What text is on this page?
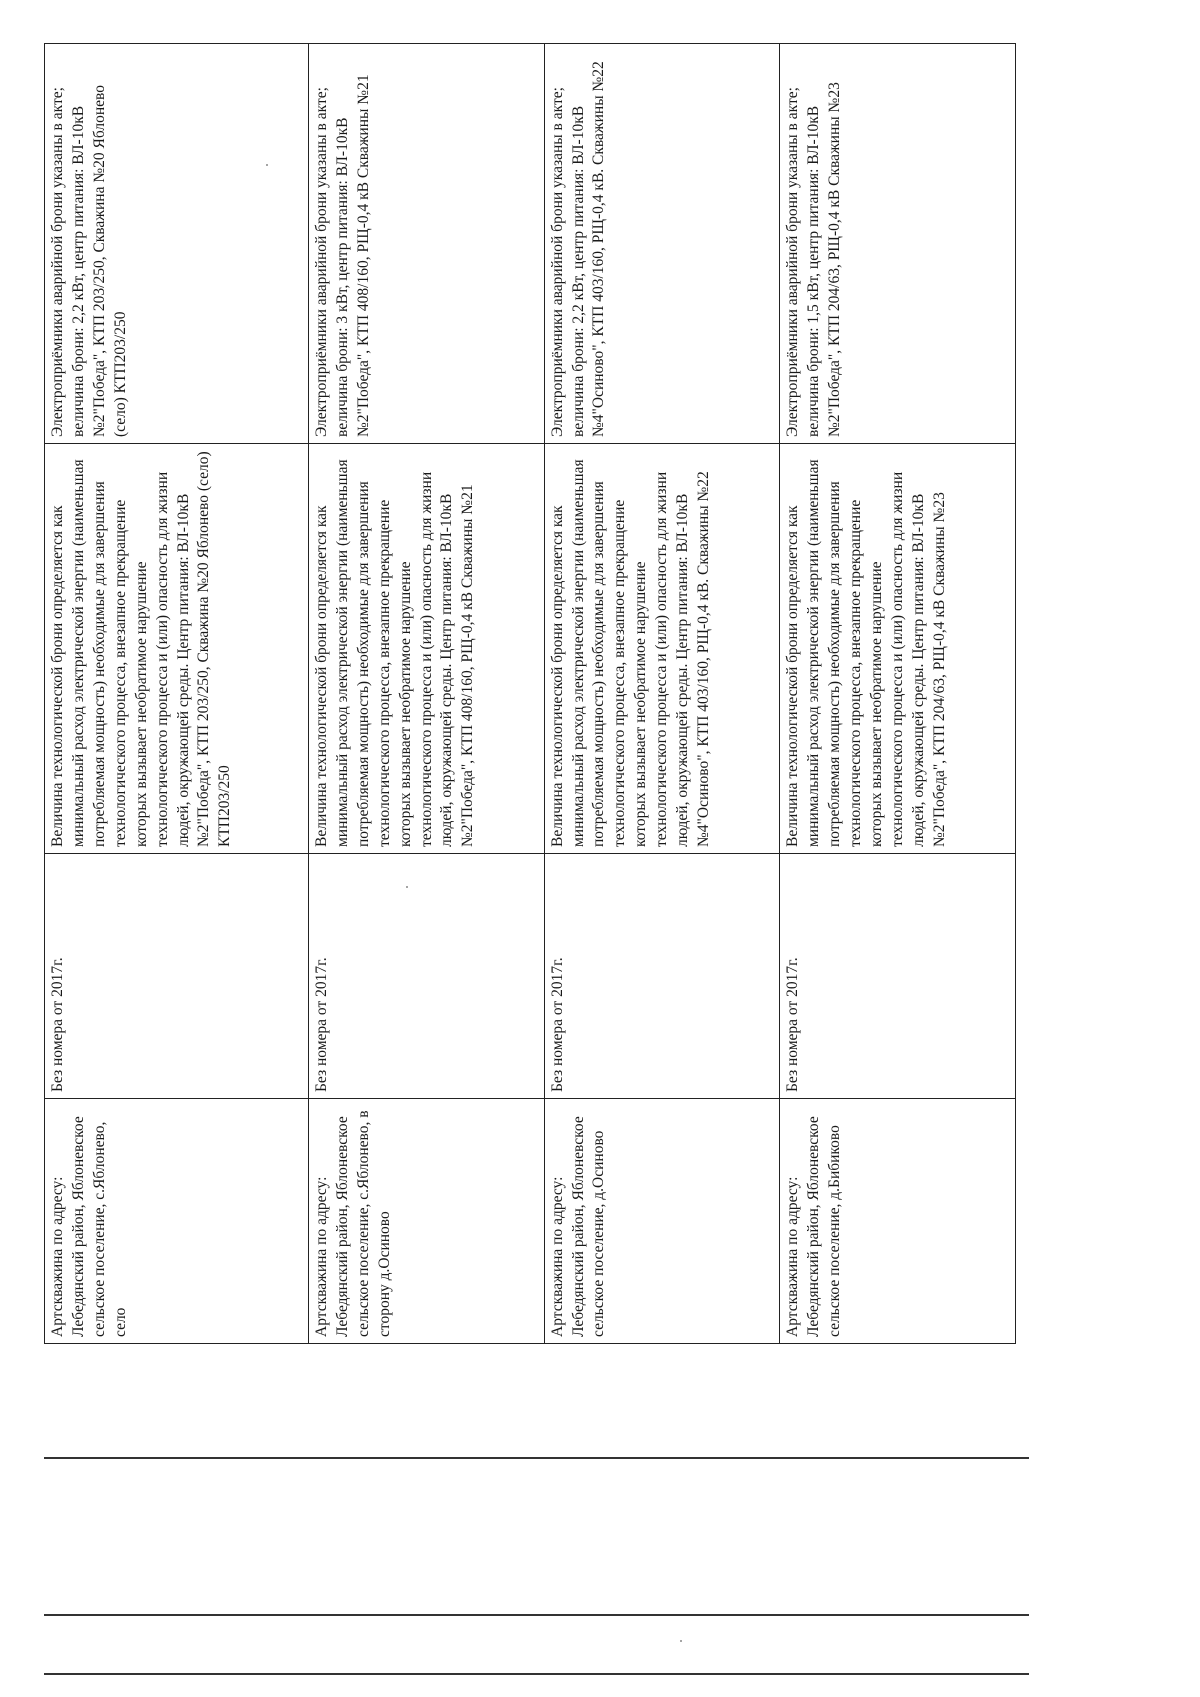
Артскважина по адресу: Лебедянский район, Яблоневское сельское поселение, с.Яблонево, село	Без номера от 2017г.	Величина технологической брони определяется как минимальный расход электрической энергии (наименьшая потребляемая мощность) необходимые для завершения технологического процесса, внезапное прекращение которых вызывает необратимое нарушение технологического процесса и (или) опасность для жизни людей, окружающей среды. Центр питания: ВЛ-10кВ №2"Победа", КТП 203/250, Скважина №20 Яблонево (село) КТП203/250	Электроприёмники аварийной брони указаны в акте; величина брони: 2,2 кВт, центр питания: ВЛ-10кВ №2"Победа", КТП 203/250, Скважина №20 Яблонево (село) КТП203/250
Артскважина по адресу: Лебедянский район, Яблоневское сельское поселение, с.Яблонево, в сторону д.Осиново	Без номера от 2017г.	Величина технологической брони определяется как минимальный расход электрической энергии (наименьшая потребляемая мощность) необходимые для завершения технологического процесса, внезапное прекращение которых вызывает необратимое нарушение технологического процесса и (или) опасность для жизни людей, окружающей среды. Центр питания: ВЛ-10кВ №2"Победа", КТП 408/160, РЩ-0,4 кВ Скважины №21	Электроприёмники аварийной брони указаны в акте; величина брони: 3 кВт, центр питания: ВЛ-10кВ №2"Победа", КТП 408/160, РЩ-0,4 кВ Скважины №21
Артскважина по адресу: Лебедянский район, Яблоневское сельское поселение, д.Осиново	Без номера от 2017г.	Величина технологической брони определяется как минимальный расход электрической энергии (наименьшая потребляемая мощность) необходимые для завершения технологического процесса, внезапное прекращение которых вызывает необратимое нарушение технологического процесса и (или) опасность для жизни людей, окружающей среды. Центр питания: ВЛ-10кВ №4"Осиново", КТП 403/160, РЩ-0,4 кВ. Скважины №22	Электроприёмники аварийной брони указаны в акте; величина брони: 2,2 кВт, центр питания: ВЛ-10кВ №4"Осиново", КТП 403/160, РЩ-0,4 кВ. Скважины №22
Артскважина по адресу: Лебедянский район, Яблоневское сельское поселение, д.Бибиково	Без номера от 2017г.	Величина технологической брони определяется как минимальный расход электрической энергии (наименьшая потребляемая мощность) необходимые для завершения технологического процесса, внезапное прекращение которых вызывает необратимое нарушение технологического процесса и (или) опасность для жизни людей, окружающей среды. Центр питания: ВЛ-10кВ №2"Победа", КТП 204/63, РЩ-0,4 кВ Скважины №23	Электроприёмники аварийной брони указаны в акте; величина брони: 1,5 кВт, центр питания: ВЛ-10кВ №2"Победа", КТП 204/63, РЩ-0,4 кВ Скважины №23
